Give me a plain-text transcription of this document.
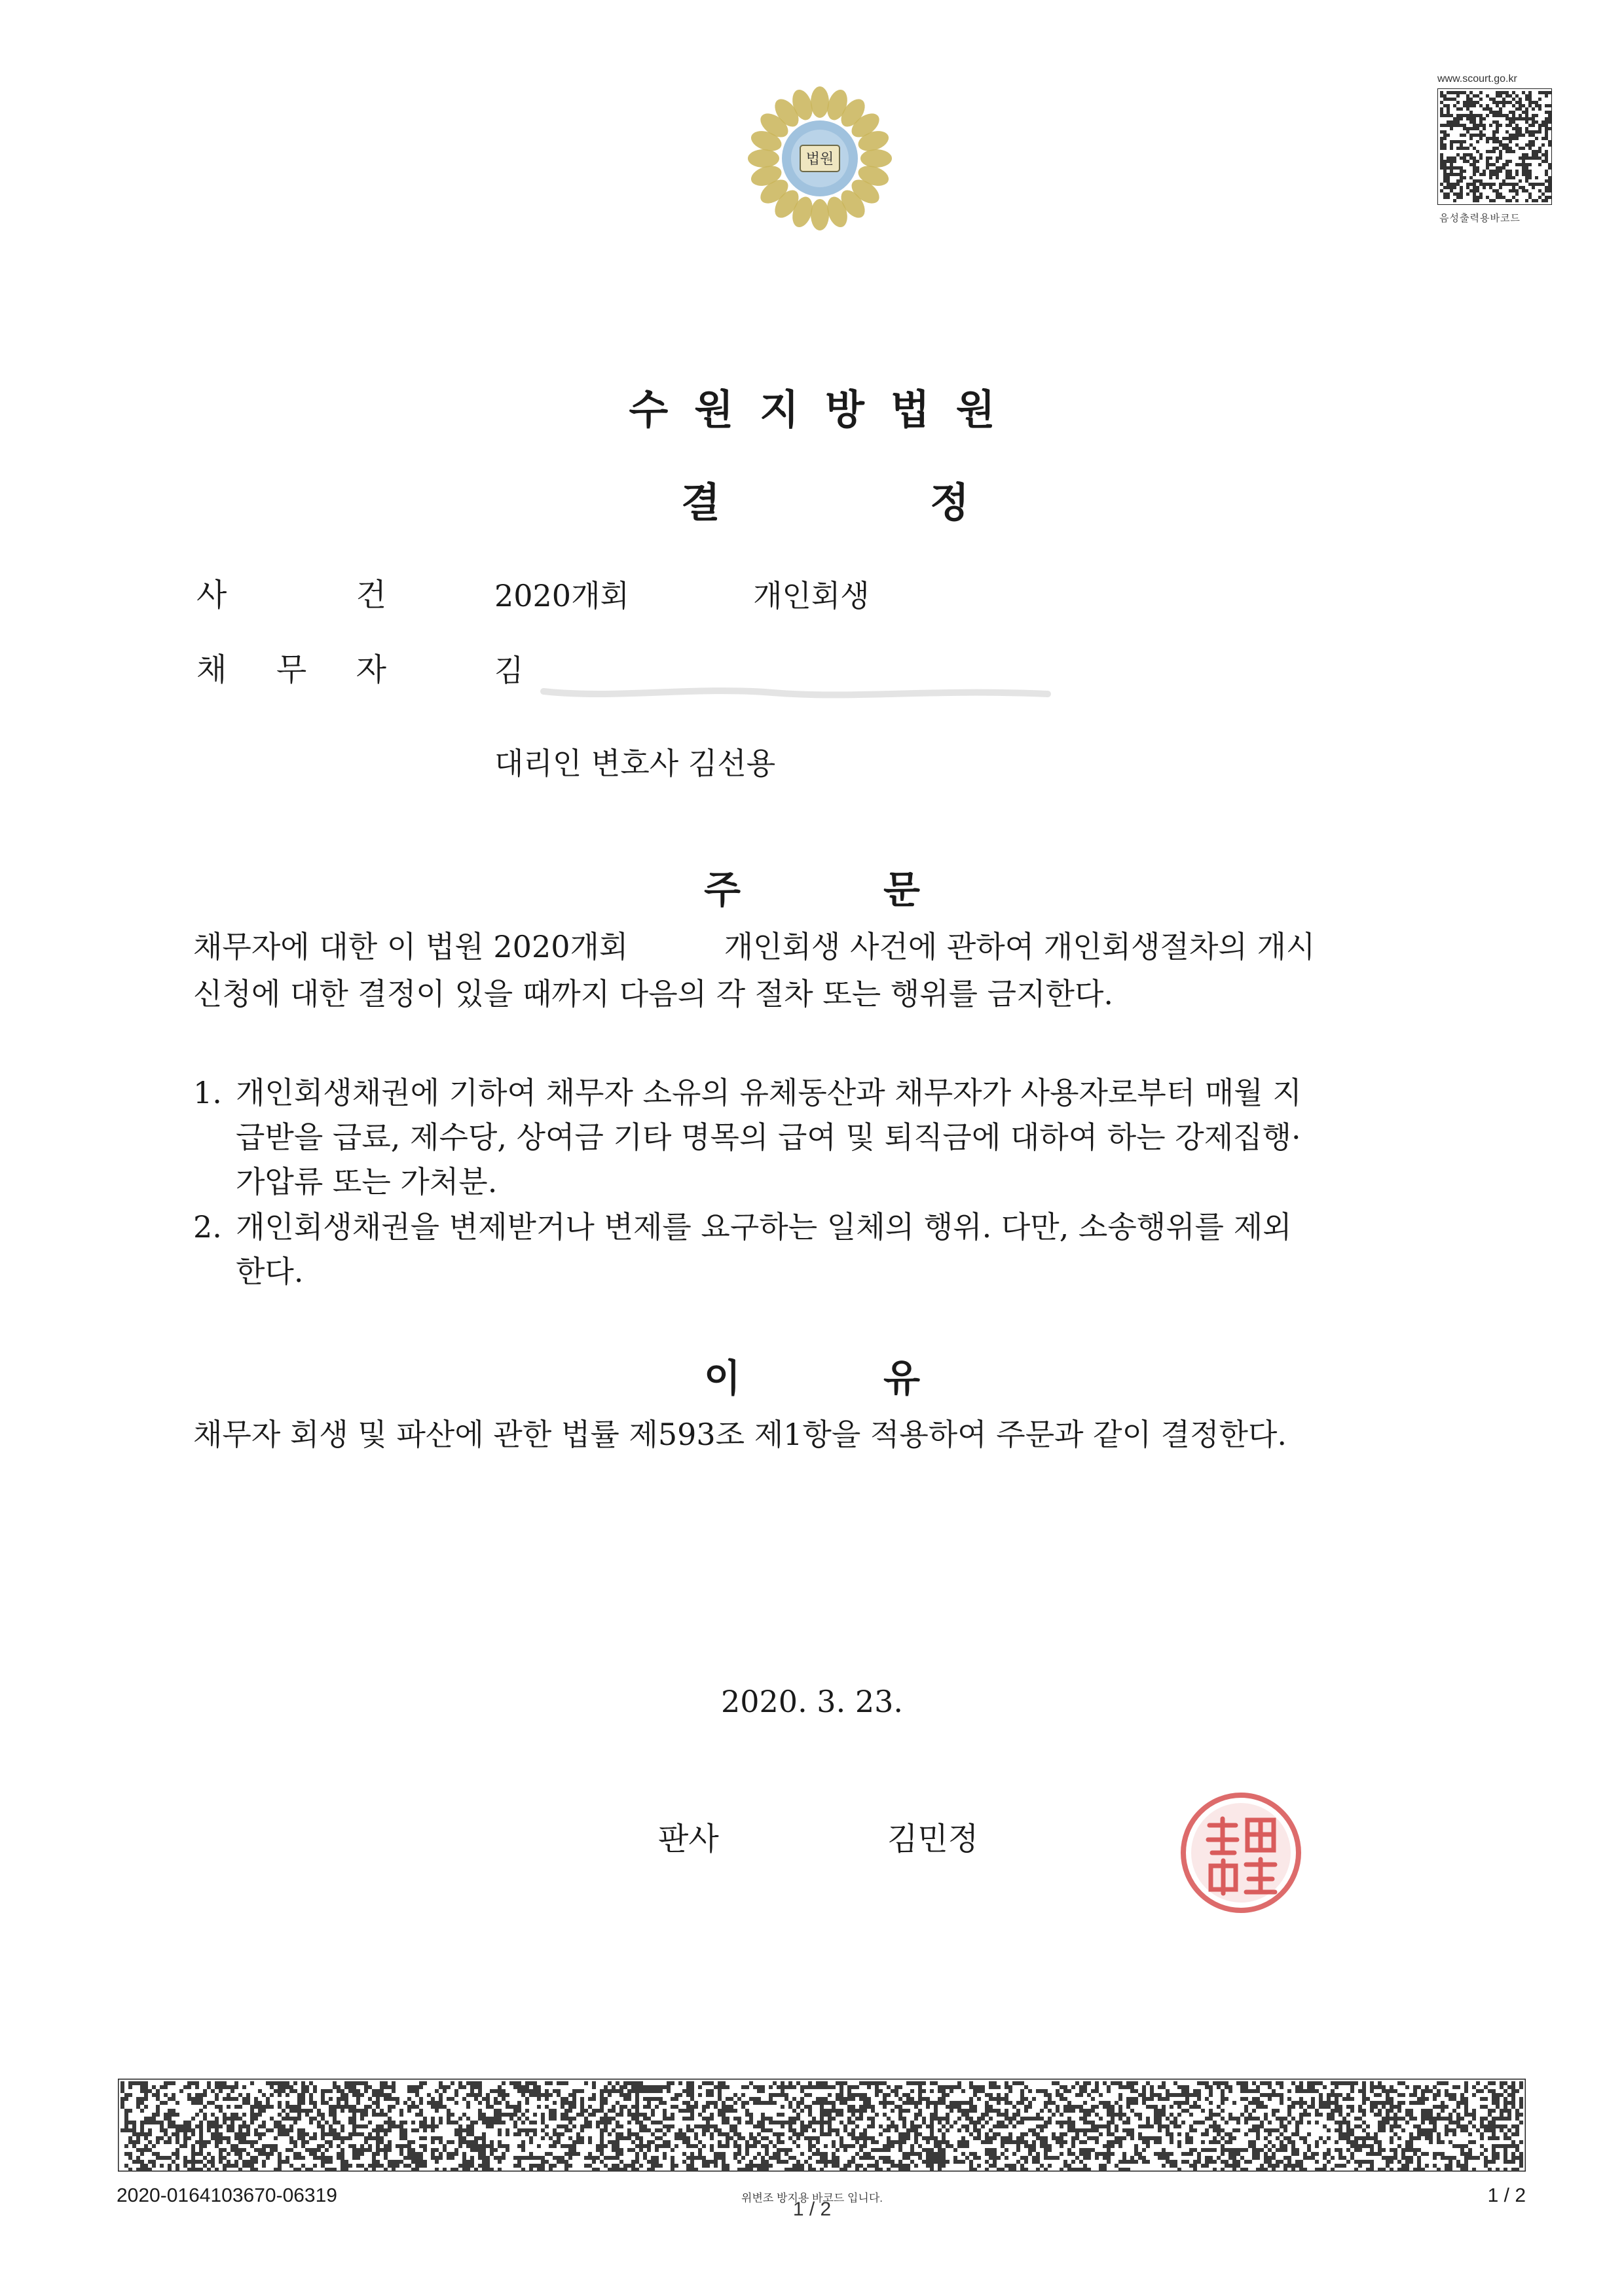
법원
www.scourt.go.kr
음성출력용바코드
수원지방법원
결	정
사	건	2020개회	개인회생
채 무 자	김
대리인 변호사 김선용
주	문
채무자에 대한 이 법원 2020개회          개인회생 사건에 관하여 개인회생절차의 개시
신청에 대한 결정이 있을 때까지 다음의 각 절차 또는 행위를 금지한다.
1. 개인회생채권에 기하여 채무자 소유의 유체동산과 채무자가 사용자로부터 매월 지
급받을 급료, 제수당, 상여금 기타 명목의 급여 및 퇴직금에 대하여 하는 강제집행·
가압류 또는 가처분.
2. 개인회생채권을 변제받거나 변제를 요구하는 일체의 행위. 다만, 소송행위를 제외
한다.
이	유
채무자 회생 및 파산에 관한 법률 제593조 제1항을 적용하여 주문과 같이 결정한다.
2020. 3. 23.
판사	김민정
2020-0164103670-06319	위변조 방지용 바코드 입니다.
1 / 2
1 / 2
